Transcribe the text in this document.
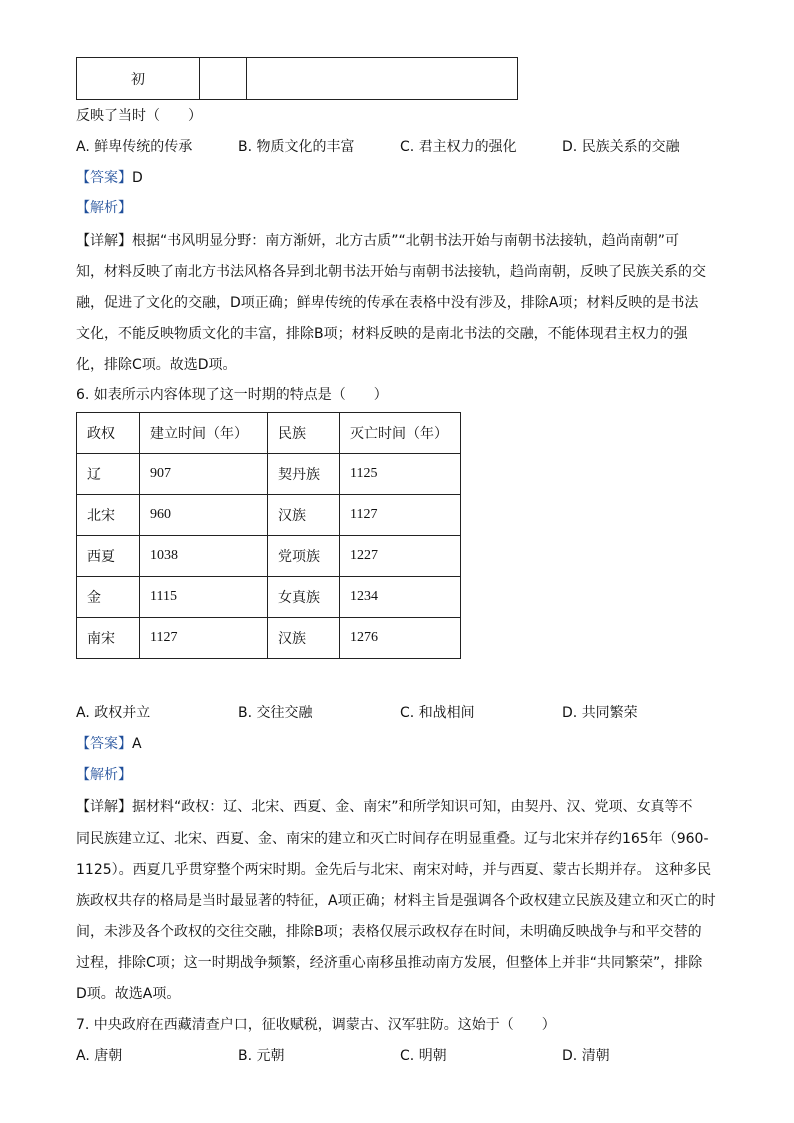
初		
反映了当时（　　）
A. 鲜卑传统的传承	B. 物质文化的丰富	C. 君主权力的强化	D. 民族关系的交融
【答案】D
【解析】
【详解】根据“书风明显分野：南方渐妍，北方古质”“北朝书法开始与南朝书法接轨，趋尚南朝”可
知，材料反映了南北方书法风格各异到北朝书法开始与南朝书法接轨，趋尚南朝，反映了民族关系的交
融，促进了文化的交融，D项正确；鲜卑传统的传承在表格中没有涉及，排除A项；材料反映的是书法
文化，不能反映物质文化的丰富，排除B项；材料反映的是南北书法的交融，不能体现君主权力的强
化，排除C项。故选D项。
6. 如表所示内容体现了这一时期的特点是（　　）
政权	建立时间（年）	民族	灭亡时间（年）
辽	907	契丹族	1125
北宋	960	汉族	1127
西夏	1038	党项族	1227
金	1115	女真族	1234
南宋	1127	汉族	1276
A. 政权并立	B. 交往交融	C. 和战相间	D. 共同繁荣
【答案】A
【解析】
【详解】据材料“政权：辽、北宋、西夏、金、南宋”和所学知识可知，由契丹、汉、党项、女真等不
同民族建立辽、北宋、西夏、金、南宋的建立和灭亡时间存在明显重叠。辽与北宋并存约165年（960-
1125）。西夏几乎贯穿整个两宋时期。金先后与北宋、南宋对峙，并与西夏、蒙古长期并存。 这种多民
族政权共存的格局是当时最显著的特征，A项正确；材料主旨是强调各个政权建立民族及建立和灭亡的时
间，未涉及各个政权的交往交融，排除B项；表格仅展示政权存在时间，未明确反映战争与和平交替的
过程，排除C项；这一时期战争频繁，经济重心南移虽推动南方发展，但整体上并非“共同繁荣”，排除
D项。故选A项。
7. 中央政府在西藏清查户口，征收赋税，调蒙古、汉军驻防。这始于（　　）
A. 唐朝	B. 元朝	C. 明朝	D. 清朝
